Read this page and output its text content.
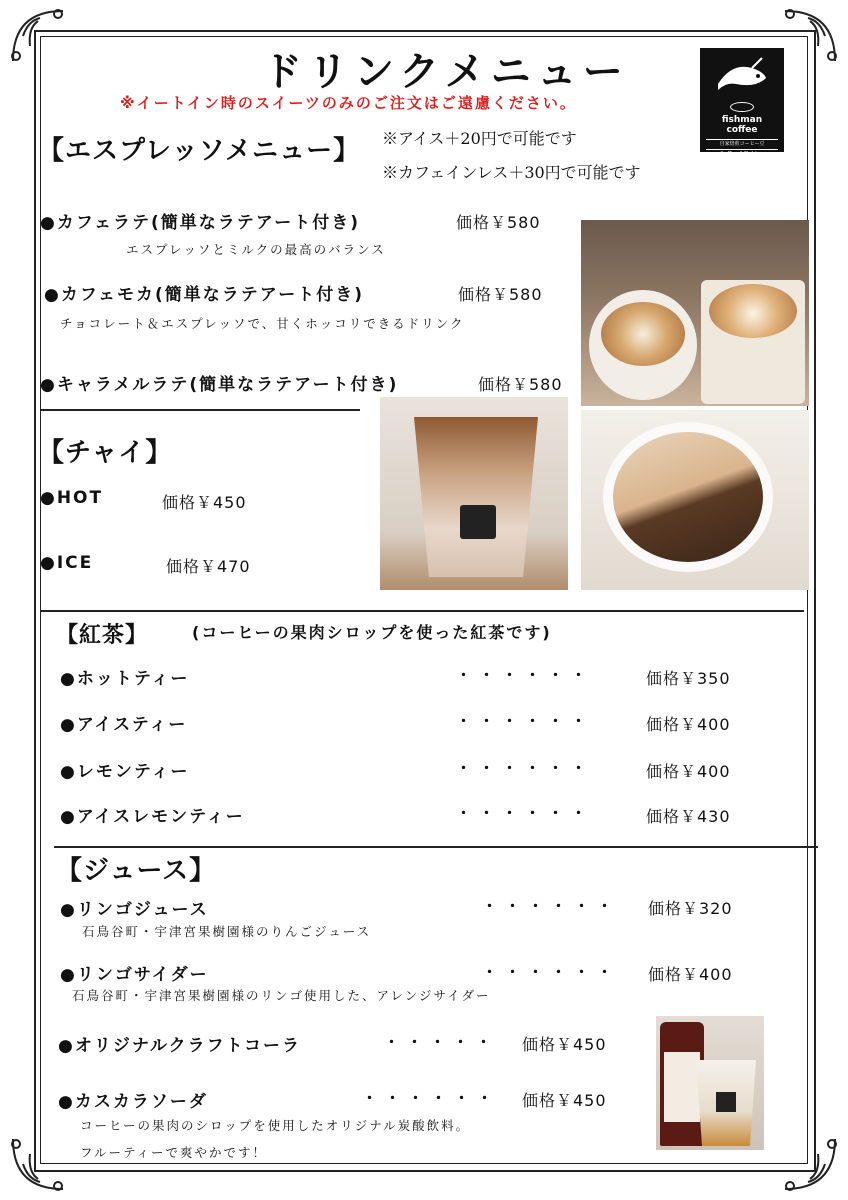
ドリンクメニュー
※イートイン時のスイーツのみのご注文はご遠慮ください。
fishman
coffee
自家焙煎コーヒー豆
Coffee&Fishing
【エスプレッソメニュー】 ※アイス＋20円で可能です
※カフェインレス＋30円で可能です
●カフェラテ(簡単なラテアート付き)	価格￥580
エスプレッソとミルクの最高のバランス
●カフェモカ(簡単なラテアート付き)	価格￥580
チョコレート＆エスプレッソで、甘くホッコリできるドリンク
●キャラメルラテ(簡単なラテアート付き)	価格￥580
【チャイ】
●HOT	価格￥450
●ICE	価格￥470
【紅茶】	(コーヒーの果肉シロップを使った紅茶です)
●ホットティー	・・・・・・	価格￥350
●アイスティー	・・・・・・	価格￥400
●レモンティー	・・・・・・	価格￥400
●アイスレモンティー	・・・・・・	価格￥430
【ジュース】
●リンゴジュース	・・・・・・ 価格￥320
石鳥谷町・宇津宮果樹園様のりんごジュース
●リンゴサイダー	・・・・・・ 価格￥400
石鳥谷町・宇津宮果樹園様のリンゴ使用した、アレンジサイダー
●オリジナルクラフトコーラ	・・・・・ 価格￥450
●カスカラソーダ	・・・・・・ 価格￥450
コーヒーの果肉のシロップを使用したオリジナル炭酸飲料。
フルーティーで爽やかです！
